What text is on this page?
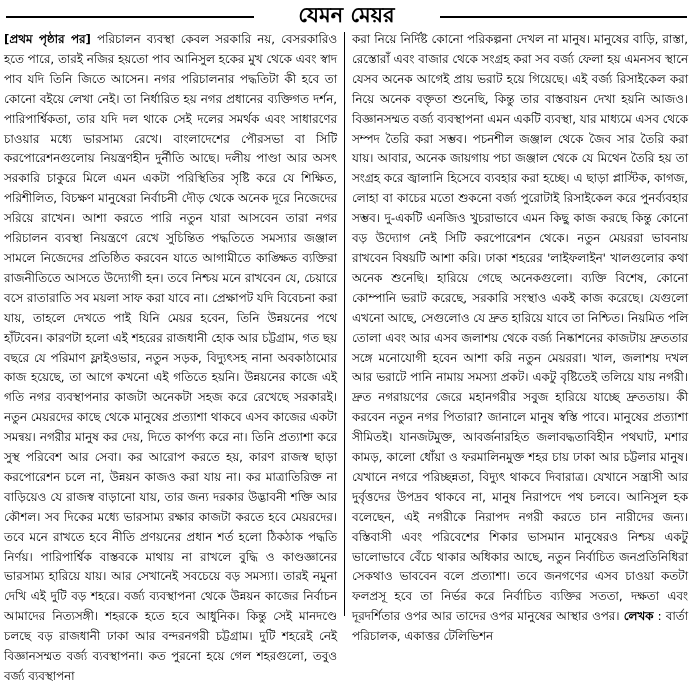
যেমন মেয়র

[প্রথম পৃষ্ঠার পর] পরিচালন ব্যবস্থা কেবল সরকারি নয়, বেসরকারিও হতে পারে, তারই নজির হয়তো পাব আনিসুল হকের মুখ থেকে এবং স্বাদ পাব যদি তিনি জিতে আসেন। নগর পরিচালনার পদ্ধতিটা কী হবে তা কোনো বইয়ে লেখা নেই। তা নির্ধারিত হয় নগর প্রধানের ব্যক্তিগত দর্শন, পারিপার্শ্বিকতা, তার যদি দল থাকে সেই দলের সমর্থক এবং সাধারণের চাওয়ার মধ্যে ভারসাম্য রেখে। বাংলাদেশের পৌরসভা বা সিটি করপোরেশনগুলোয় নিয়ন্ত্রণহীন দুর্নীতি আছে। দলীয় পাণ্ডা আর অসৎ সরকারি চাকুরে মিলে এমন একটা পরিস্থিতির সৃষ্টি করে যে শিক্ষিত, পরিশীলিত, বিচক্ষণ মানুষেরা নির্বাচনী দৌড় থেকে অনেক দূরে নিজেদের সরিয়ে রাখেন। আশা করতে পারি নতুন যারা আসবেন তারা নগর পরিচালন ব্যবস্থা নিয়ন্ত্রণে রেখে সুচিন্তিত পদ্ধতিতে সমস্যার জঞ্জাল সামলে নিজেদের প্রতিষ্ঠিত করবেন যাতে আগামীতে কাঙ্ক্ষিত ব্যক্তিরা রাজনীতিতে আসতে উদ্যোগী হন। তবে নিশ্চয় মনে রাখবেন যে, চেয়ারে বসে রাতারাতি সব ময়লা সাফ করা যাবে না। প্রেক্ষাপট যদি বিবেচনা করা যায়, তাহলে দেখতে পাই যিনি মেয়র হবেন, তিনি উন্নয়নের পথে হাঁটবেন। কারণটা হলো এই শহরের রাজধানী হোক আর চট্টগ্রাম, গত ছয় বছরে যে পরিমাণ ফ্লাইওভার, নতুন সড়ক, বিদ্যুৎসহ নানা অবকাঠামোর কাজ হয়েছে, তা আগে কখনো এই গতিতে হয়নি। উন্নয়নের কাজে এই গতি নগর ব্যবস্থাপনার কাজটা অনেকটা সহজ করে রেখেছে সরকারই। নতুন মেয়রদের কাছে থেকে মানুষের প্রত্যাশা থাকবে এসব কাজের একটা সমন্বয়। নগরীর মানুষ কর দেয়, দিতে কার্পণ্য করে না। তিনি প্রত্যাশা করে সুস্থ পরিবেশ আর সেবা। কর আরোপ করতে হয়, কারণ রাজস্ব ছাড়া করপোরেশন চলে না, উন্নয়ন কাজও করা যায় না। কর মাত্রাতিরিক্ত না বাড়িয়েও যে রাজস্ব বাড়ানো যায়, তার জন্য দরকার উদ্ভাবনী শক্তি আর কৌশল। সব দিকের মধ্যে ভারসাম্য রক্ষার কাজটা করতে হবে মেয়রদের। তবে মনে রাখতে হবে নীতি প্রণয়নের প্রধান শর্ত হলো ঠিকঠাক পদ্ধতি নির্ণয়। পারিপার্শ্বিক বাস্তবকে মাথায় না রাখলে বুদ্ধি ও কাণ্ডজ্ঞানের ভারসাম্য হারিয়ে যায়। আর সেখানেই সবচেয়ে বড় সমস্যা। তারই নমুনা দেখি এই দুটি বড় শহরে। বর্জ্য ব্যবস্থাপনা থেকে উন্নয়ন কাজের নির্বাচন আমাদের নিত্যসঙ্গী। শহরকে হতে হবে আধুনিক। কিন্তু সেই মানদণ্ডে চলছে বড় রাজধানী ঢাকা আর বন্দরনগরী চট্টগ্রাম। দুটি শহরেই নেই বিজ্ঞানসম্মত বর্জ্য ব্যবস্থাপনা। কত পুরনো হয়ে গেল শহরগুলো, তবুও বর্জ্য ব্যবস্থাপনা

করা নিয়ে নির্দিষ্ট কোনো পরিকল্পনা দেখল না মানুষ। মানুষের বাড়ি, রাস্তা, রেস্তোরাঁ এবং বাজার থেকে সংগ্রহ করা সব বর্জ্য ফেলা হয় এমনসব স্থানে যেসব অনেক আগেই প্রায় ভরাট হয়ে গিয়েছে। এই বর্জ্য রিসাইকেল করা নিয়ে অনেক বক্তৃতা শুনেছি, কিন্তু তার বাস্তবায়ন দেখা হয়নি আজও। বিজ্ঞানসম্মত বর্জ্য ব্যবস্থাপনা এমন একটি ব্যবস্থা, যার মাধ্যমে এসব থেকে সম্পদ তৈরি করা সম্ভব। পচনশীল জঞ্জাল থেকে জৈব সার তৈরি করা যায়। আবার, অনেক জায়গায় পচা জঞ্জাল থেকে যে মিথেন তৈরি হয় তা সংগ্রহ করে জ্বালানি হিসেবে ব্যবহার করা হচ্ছে। এ ছাড়া প্লাস্টিক, কাগজ, লোহা বা কাচের মতো শুকনো বর্জ্য পুরোটাই রিসাইকেল করে পুনর্ব্যবহার সম্ভব। দু-একটি এনজিও খুচরাভাবে এমন কিছু কাজ করছে কিন্তু কোনো বড় উদ্যোগ নেই সিটি করপোরেশন থেকে। নতুন মেয়ররা ভাবনায় রাখবেন বিষয়টি আশা করি। ঢাকা শহরের 'লাইফলাইন' খালগুলোর কথা অনেক শুনেছি। হারিয়ে গেছে অনেকগুলো। ব্যক্তি বিশেষ, কোনো কোম্পানি ভরাট করেছে, সরকারি সংস্থাও একই কাজ করেছে। যেগুলো এখনো আছে, সেগুলোও যে দ্রুত হারিয়ে যাবে তা নিশ্চিত। নিয়মিত পলি তোলা এবং আর এসব জলাশয় থেকে বর্জ্য নিষ্কাশনের কাজটায় দ্রুততার সঙ্গে মনোযোগী হবেন আশা করি নতুন মেয়ররা। খাল, জলাশয় দখল আর ভরাটে পানি নামায় সমস্যা প্রকট। একটু বৃষ্টিতেই তলিয়ে যায় নগরী। দ্রুত নগরায়ণের জেরে মহানগরীর সবুজ হারিয়ে যাচ্ছে দ্রুততায়। কী করবেন নতুন নগর পিতারা? জানালে মানুষ স্বস্তি পাবে। মানুষের প্রত্যাশা সীমিতই। যানজটমুক্ত, আবর্জনারহিত জলাবদ্ধতাবিহীন পথঘাট, মশার কামড়, কালো ধোঁয়া ও ফরমালিনমুক্ত শহর চায় ঢাকা আর চট্টলার মানুষ। যেখানে নগরে পরিচ্ছন্নতা, বিদ্যুৎ থাকবে দিবারাত্র। যেখানে সন্ত্রাসী আর দুর্বৃত্তদের উপদ্রব থাকবে না, মানুষ নিরাপদে পথ চলবে। আনিসুল হক বলেছেন, এই নগরীকে নিরাপদ নগরী করতে চান নারীদের জন্য। বস্তিবাসী এবং পরিবেশের শিকার ভাসমান মানুষেরও নিশ্চয় একটু ভালোভাবে বেঁচে থাকার অধিকার আছে, নতুন নির্বাচিত জনপ্রতিনিধিরা সেকথাও ভাববেন বলে প্রত্যাশা। তবে জনগণের এসব চাওয়া কতটা ফলপ্রসূ হবে তা নির্ভর করে নির্বাচিত ব্যক্তির সততা, দক্ষতা এবং দূরদর্শিতার ওপর আর তাদের ওপর মানুষের আস্থার ওপর। লেখক : বার্তা পরিচালক, একাত্তর টেলিভিশন
